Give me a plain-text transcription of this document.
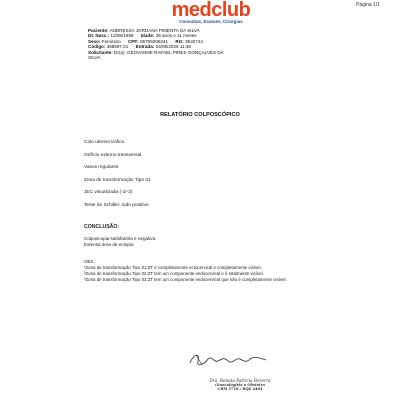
Página 1/1
medclub
Consultas, Exames, Cirurgias
Paciente: ANDRESSA JORDANA PIMENTA DA SILVA
Dt. Nasc.: 13/08/1996 Idade: 28 anos e 11 meses
Sexo: Feminino CPF: 06706206341 RG: 3532744
Código: 368997.01 Entrada: 03/06/2025 11:35
Solicitante: Dr(a). GEOVANNE RAFAEL PIRES GONÇALVES DA
SILVA
RELATÓRIO COLPOSCÓPICO
Colo uterino trófico
Orifício externo transversal
Vasos regulares
Zona de transformação Tipo 01
JEC visualizada (-2/-2)
Teste de Schiller: iodo positivo
CONCLUSÃO:
Colposcopia satisfatória e negativa
Extensa área de ectopia
OBS.:
¹Zona de transformação Tipo 01:ZT é completamente ectocervical e completamente visível.
²Zona de transformação Tipo 02:ZT tem um componente endocervical e é totalmente visível.
³Zona de transformação Tipo 03:ZT tem um componente endocervical que não é completamente visível.
Dra. Renata Patricia Bezerra
Ginecologista e Obstetra
CRM 5718 / RQE 4484
